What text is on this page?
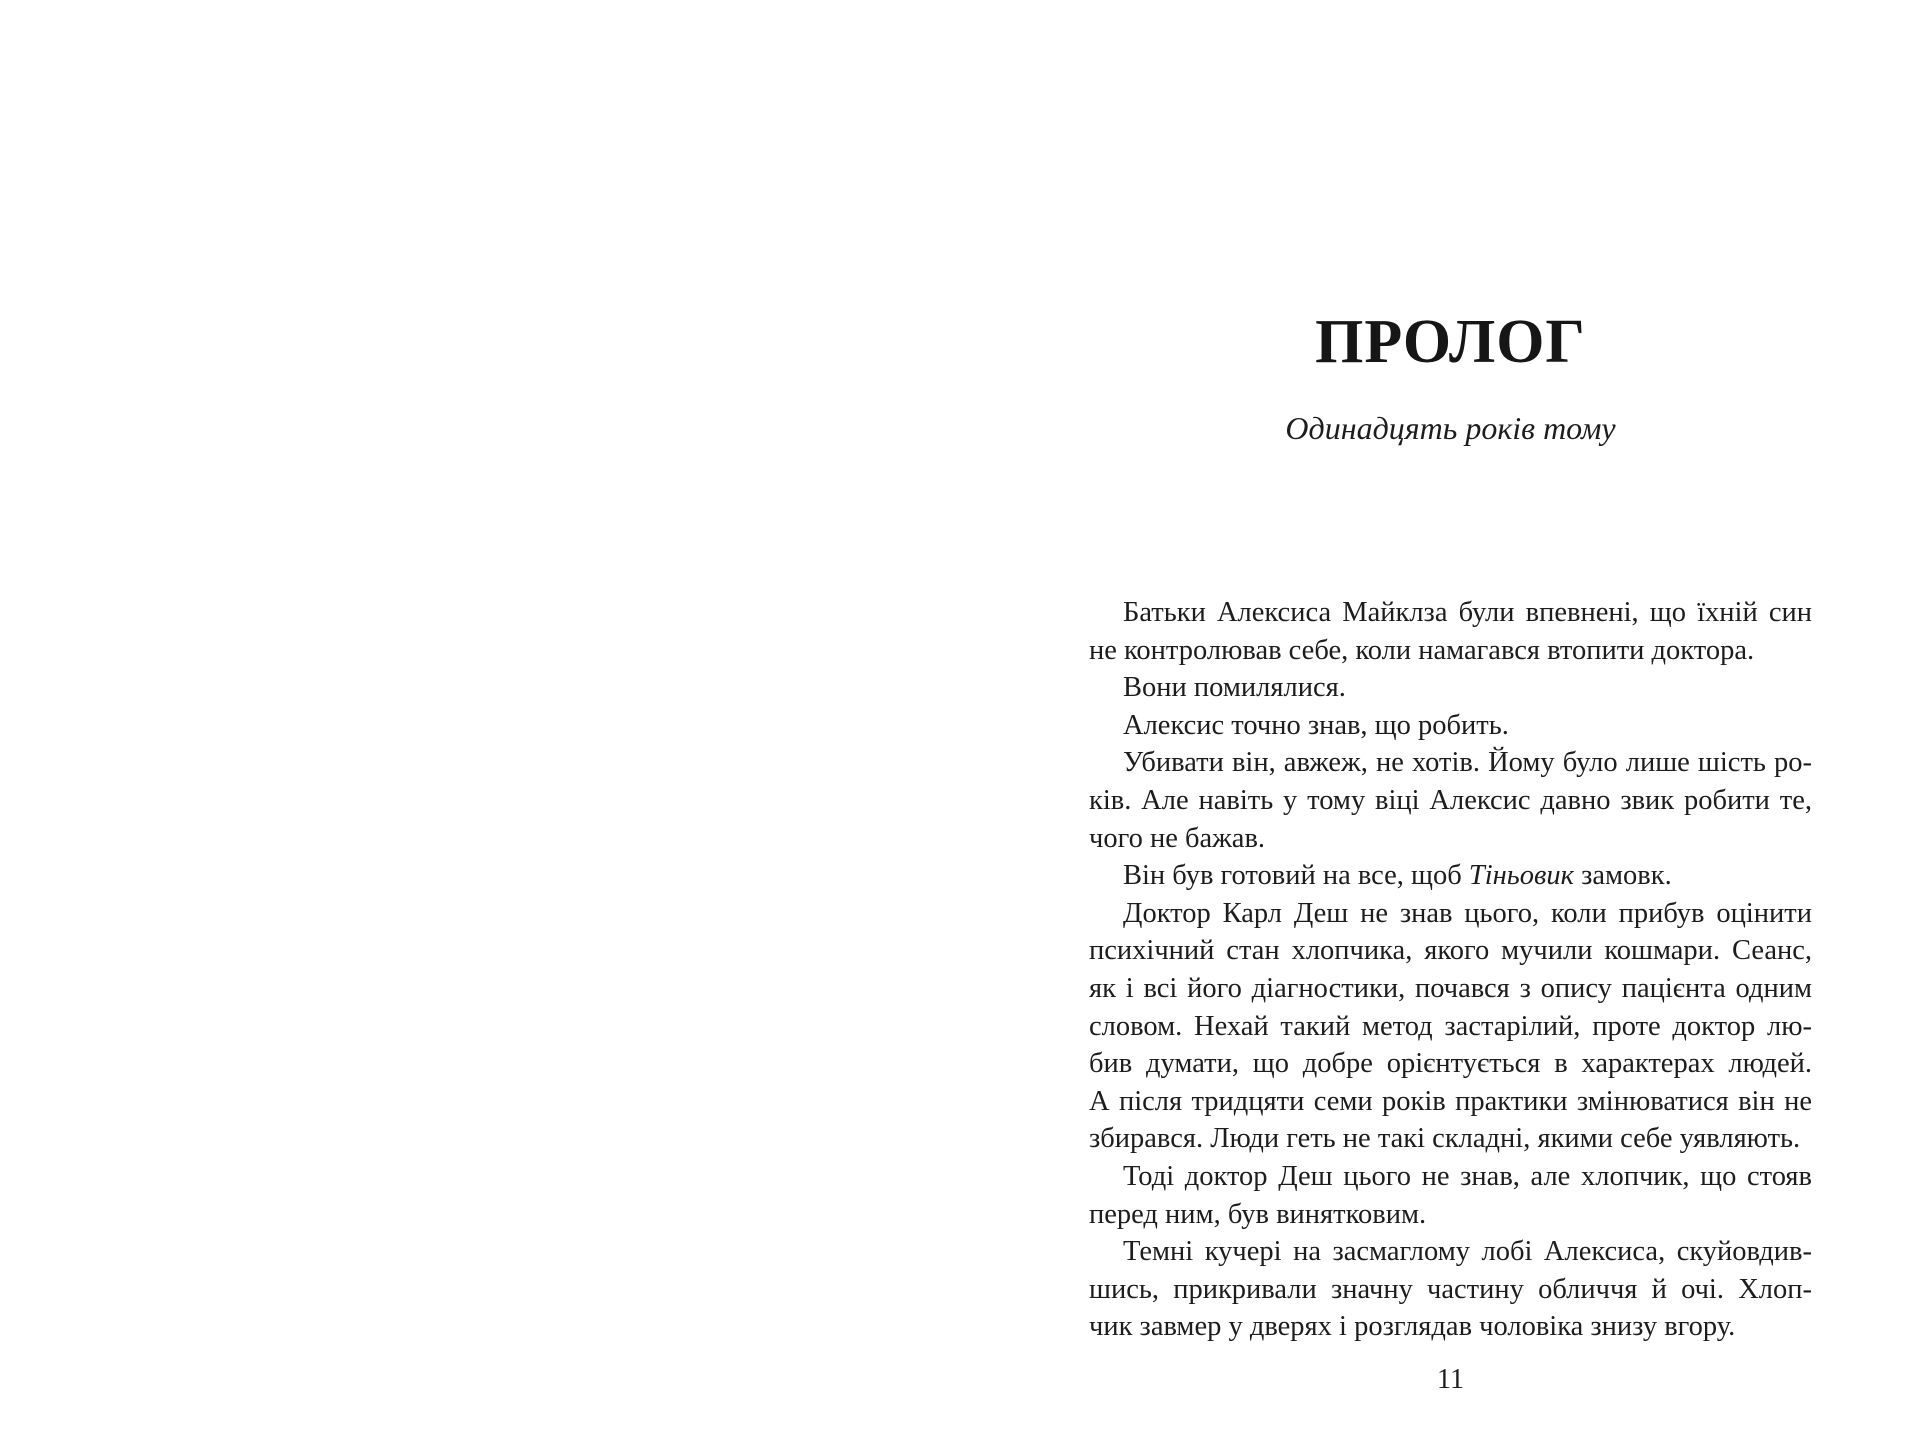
ПРОЛОГ
Одинадцять років тому
Батьки Алексиса Майклза були впевнені, що їхній син
не контролював себе, коли намагався втопити доктора.
Вони помилялися.
Алексис точно знав, що робить.
Убивати він, авжеж, не хотів. Йому було лише шість ро-
ків. Але навіть у тому віці Алексис давно звик робити те,
чого не бажав.
Він був готовий на все, щоб Тіньовик замовк.
Доктор Карл Деш не знав цього, коли прибув оцінити
психічний стан хлопчика, якого мучили кошмари. Сеанс,
як і всі його діагностики, почався з опису пацієнта одним
словом. Нехай такий метод застарілий, проте доктор лю-
бив думати, що добре орієнтується в характерах людей.
А після тридцяти семи років практики змінюватися він не
збирався. Люди геть не такі складні, якими себе уявляють.
Тоді доктор Деш цього не знав, але хлопчик, що стояв
перед ним, був винятковим.
Темні кучері на засмаглому лобі Алексиса, скуйовдив-
шись, прикривали значну частину обличчя й очі. Хлоп-
чик завмер у дверях і розглядав чоловіка знизу вгору.
11
